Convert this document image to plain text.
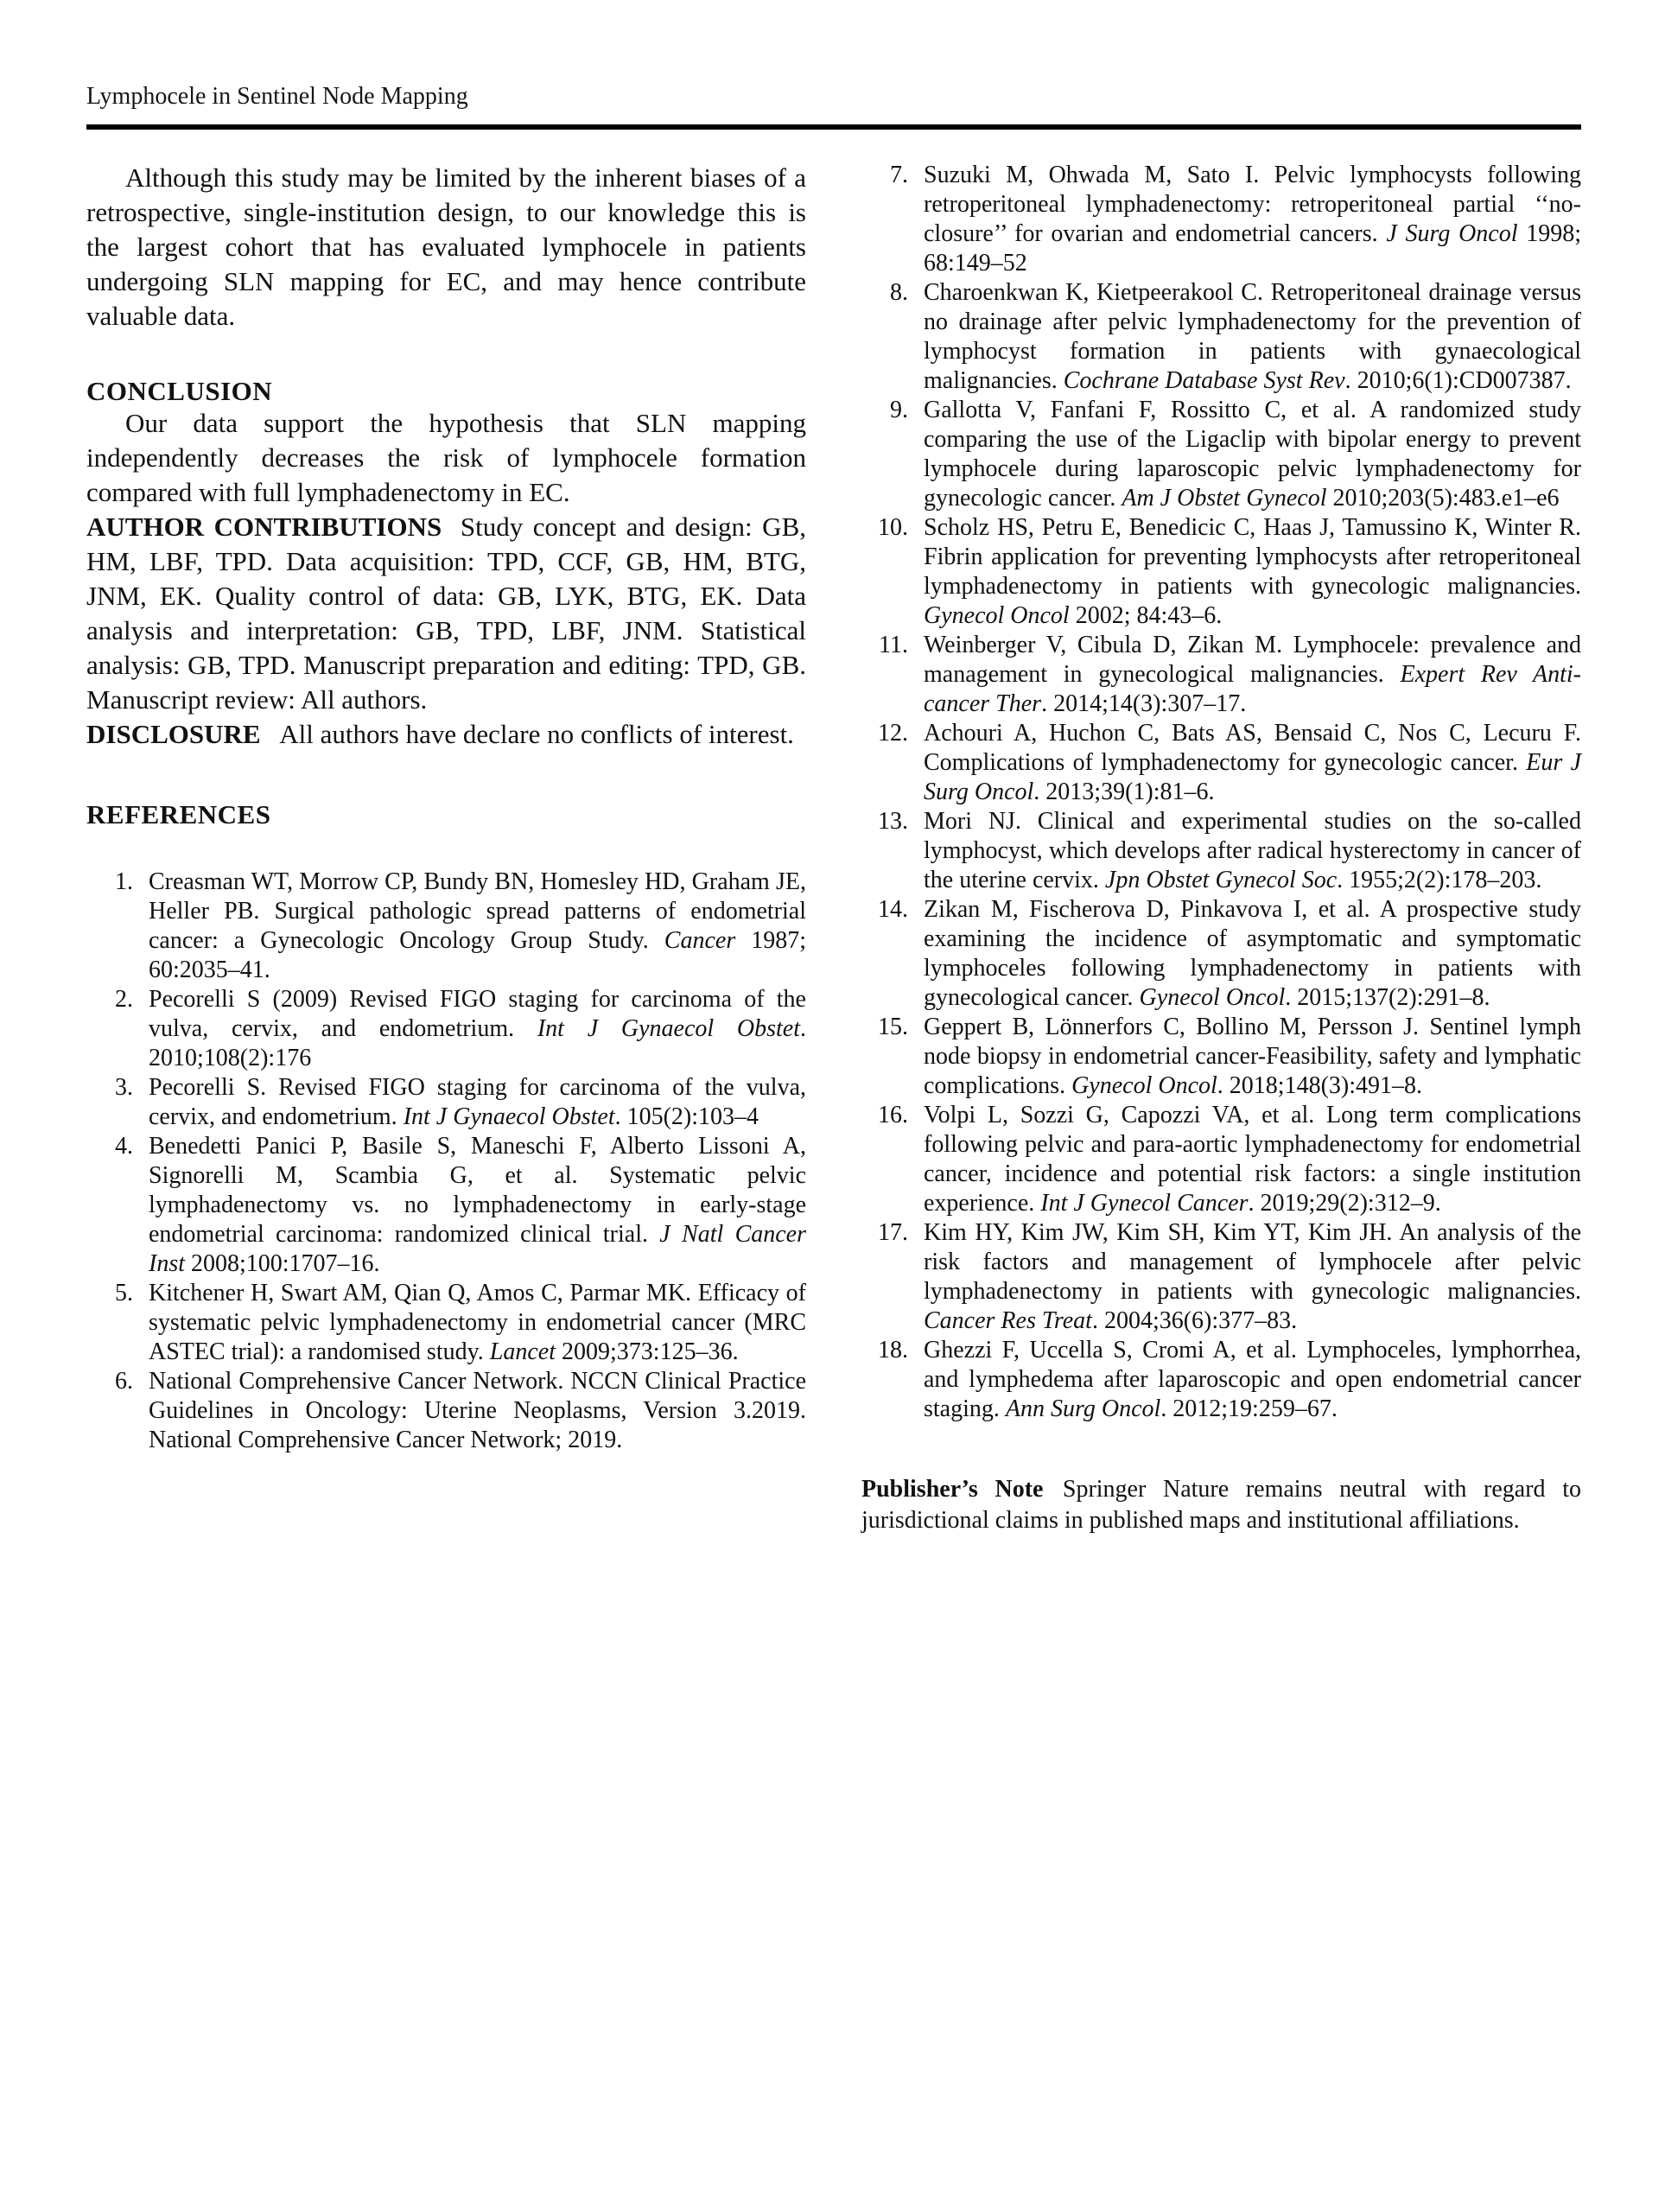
Lymphocele in Sentinel Node Mapping

Although this study may be limited by the inherent biases of a retrospective, single-institution design, to our knowledge this is the largest cohort that has evaluated lymphocele in patients undergoing SLN mapping for EC, and may hence contribute valuable data.

CONCLUSION

Our data support the hypothesis that SLN mapping independently decreases the risk of lymphocele formation compared with full lymphadenectomy in EC.

AUTHOR CONTRIBUTIONS Study concept and design: GB, HM, LBF, TPD. Data acquisition: TPD, CCF, GB, HM, BTG, JNM, EK. Quality control of data: GB, LYK, BTG, EK. Data analysis and interpretation: GB, TPD, LBF, JNM. Statistical analysis: GB, TPD. Manuscript preparation and editing: TPD, GB. Manuscript review: All authors.

DISCLOSURE All authors have declare no conflicts of interest.

REFERENCES
1. Creasman WT, Morrow CP, Bundy BN, Homesley HD, Graham JE, Heller PB. Surgical pathologic spread patterns of endometrial cancer: a Gynecologic Oncology Group Study. Cancer 1987; 60:2035–41.
2. Pecorelli S (2009) Revised FIGO staging for carcinoma of the vulva, cervix, and endometrium. Int J Gynaecol Obstet. 2010;108(2):176
3. Pecorelli S. Revised FIGO staging for carcinoma of the vulva, cervix, and endometrium. Int J Gynaecol Obstet. 105(2):103–4
4. Benedetti Panici P, Basile S, Maneschi F, Alberto Lissoni A, Signorelli M, Scambia G, et al. Systematic pelvic lymphadenectomy vs. no lymphadenectomy in early-stage endometrial carcinoma: randomized clinical trial. J Natl Cancer Inst 2008;100:1707–16.
5. Kitchener H, Swart AM, Qian Q, Amos C, Parmar MK. Efficacy of systematic pelvic lymphadenectomy in endometrial cancer (MRC ASTEC trial): a randomised study. Lancet 2009;373:125–36.
6. National Comprehensive Cancer Network. NCCN Clinical Practice Guidelines in Oncology: Uterine Neoplasms, Version 3.2019. National Comprehensive Cancer Network; 2019.
7. Suzuki M, Ohwada M, Sato I. Pelvic lymphocysts following retroperitoneal lymphadenectomy: retroperitoneal partial ‘‘no-closure’’ for ovarian and endometrial cancers. J Surg Oncol 1998; 68:149–52
8. Charoenkwan K, Kietpeerakool C. Retroperitoneal drainage versus no drainage after pelvic lymphadenectomy for the prevention of lymphocyst formation in patients with gynaecological malignancies. Cochrane Database Syst Rev. 2010;6(1):CD007387.
9. Gallotta V, Fanfani F, Rossitto C, et al. A randomized study comparing the use of the Ligaclip with bipolar energy to prevent lymphocele during laparoscopic pelvic lymphadenectomy for gynecologic cancer. Am J Obstet Gynecol 2010;203(5):483.e1–e6
10. Scholz HS, Petru E, Benedicic C, Haas J, Tamussino K, Winter R. Fibrin application for preventing lymphocysts after retroperitoneal lymphadenectomy in patients with gynecologic malignancies. Gynecol Oncol 2002; 84:43–6.
11. Weinberger V, Cibula D, Zikan M. Lymphocele: prevalence and management in gynecological malignancies. Expert Rev Anti-cancer Ther. 2014;14(3):307–17.
12. Achouri A, Huchon C, Bats AS, Bensaid C, Nos C, Lecuru F. Complications of lymphadenectomy for gynecologic cancer. Eur J Surg Oncol. 2013;39(1):81–6.
13. Mori NJ. Clinical and experimental studies on the so-called lymphocyst, which develops after radical hysterectomy in cancer of the uterine cervix. Jpn Obstet Gynecol Soc. 1955;2(2):178–203.
14. Zikan M, Fischerova D, Pinkavova I, et al. A prospective study examining the incidence of asymptomatic and symptomatic lymphoceles following lymphadenectomy in patients with gynecological cancer. Gynecol Oncol. 2015;137(2):291–8.
15. Geppert B, Lönnerfors C, Bollino M, Persson J. Sentinel lymph node biopsy in endometrial cancer-Feasibility, safety and lymphatic complications. Gynecol Oncol. 2018;148(3):491–8.
16. Volpi L, Sozzi G, Capozzi VA, et al. Long term complications following pelvic and para-aortic lymphadenectomy for endometrial cancer, incidence and potential risk factors: a single institution experience. Int J Gynecol Cancer. 2019;29(2):312–9.
17. Kim HY, Kim JW, Kim SH, Kim YT, Kim JH. An analysis of the risk factors and management of lymphocele after pelvic lymphadenectomy in patients with gynecologic malignancies. Cancer Res Treat. 2004;36(6):377–83.
18. Ghezzi F, Uccella S, Cromi A, et al. Lymphoceles, lymphorrhea, and lymphedema after laparoscopic and open endometrial cancer staging. Ann Surg Oncol. 2012;19:259–67.

Publisher’s Note Springer Nature remains neutral with regard to jurisdictional claims in published maps and institutional affiliations.
